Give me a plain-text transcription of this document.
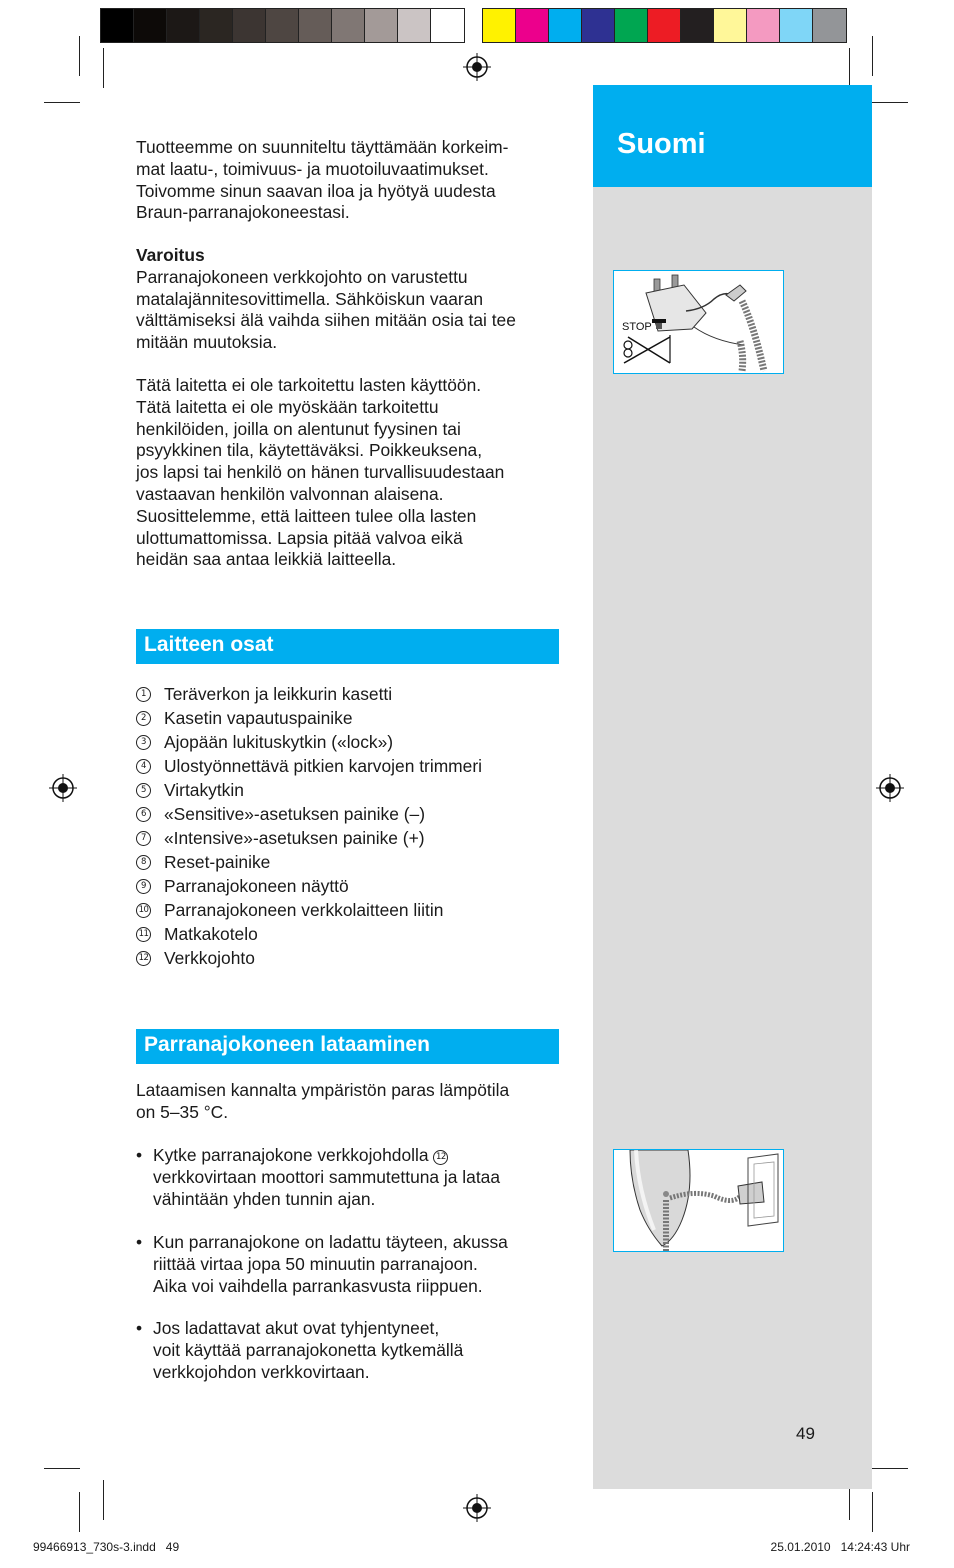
Suomi
49
STOP

Tuotteemme on suunniteltu täyttämään korkeim-

mat laatu-, toimivuus- ja muotoiluvaatimukset.

Toivomme sinun saavan iloa ja hyötyä uudesta

Braun-parranajokoneestasi.

Varoitus

Parranajokoneen verkkojohto on varustettu

matalajännitesovittimella. Sähköiskun vaaran

välttämiseksi älä vaihda siihen mitään osia tai tee

mitään muutoksia.

Tätä laitetta ei ole tarkoitettu lasten käyttöön.

Tätä laitetta ei ole myöskään tarkoitettu

henkilöiden, joilla on alentunut fyysinen tai

psyykkinen tila, käytettäväksi. Poikkeuksena,

jos lapsi tai henkilö on hänen turvallisuudestaan

vastaavan henkilön valvonnan alaisena.

Suosittelemme, että laitteen tulee olla lasten

ulottumattomissa. Lapsia pitää valvoa eikä

heidän saa antaa leikkiä laitteella.

Laitteen osat
1 Teräverkon ja leikkurin kasetti
2 Kasetin vapautuspainike
3 Ajopään lukituskytkin («lock»)
4 Ulostyönnettävä pitkien karvojen trimmeri
5 Virtakytkin
6 «Sensitive»-asetuksen painike (–)
7 «Intensive»-asetuksen painike (+)
8 Reset-painike
9 Parranajokoneen näyttö
10 Parranajokoneen verkkolaitteen liitin
11 Matkakotelo
12 Verkkojohto
Parranajokoneen lataaminen

Lataamisen kannalta ympäristön paras lämpötila

on 5–35 °C.

• Kytke parranajokone verkkojohdolla 12
verkkovirtaan moottori sammutettuna ja lataa
vähintään yhden tunnin ajan.
• Kun parranajokone on ladattu täyteen, akussa
riittää virtaa jopa 50 minuutin parranajoon.
Aika voi vaihdella parrankasvusta riippuen.
• Jos ladattavat akut ovat tyhjentyneet,
voit käyttää parranajokonetta kytkemällä
verkkojohdon verkkovirtaan.
99466913_730s-3.indd   49	25.01.2010   14:24:43 Uhr
